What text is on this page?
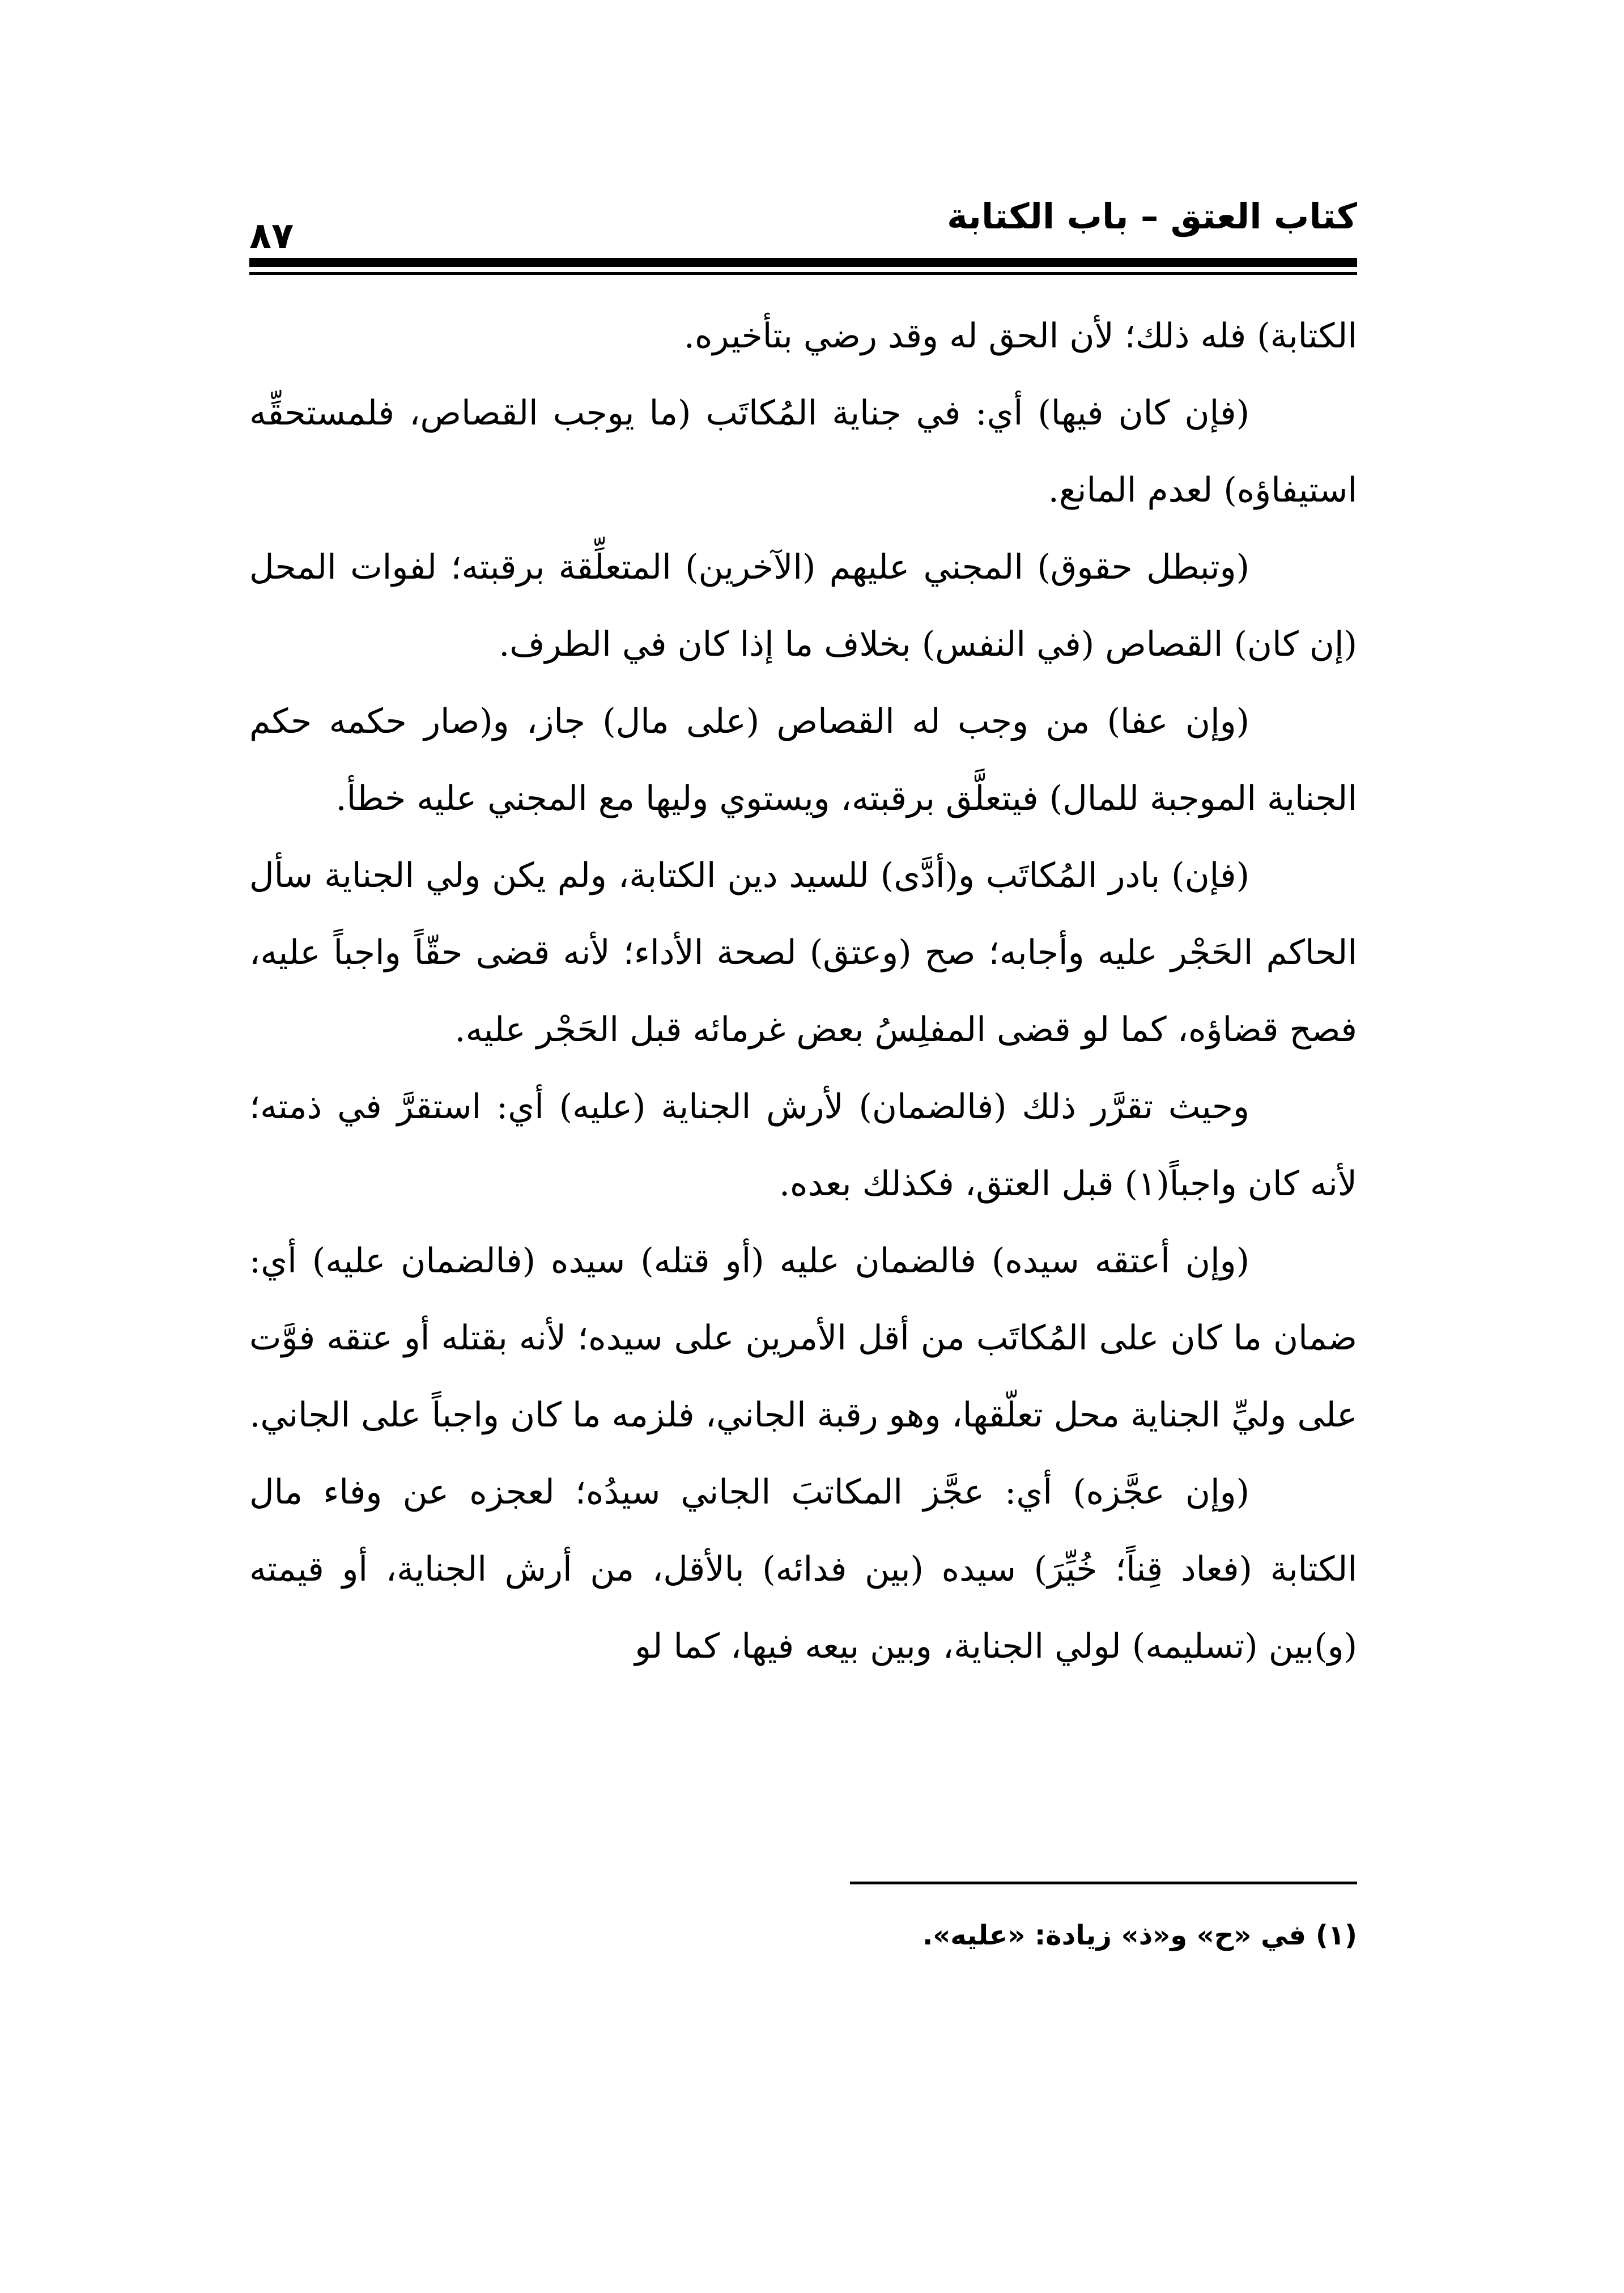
كتاب العتق – باب الكتابة
٨٧

الكتابة) فله ذلك؛ لأن الحق له وقد رضي بتأخيره.

(فإن كان فيها) أي: في جناية المُكاتَب (ما يوجب القصاص، فلمستحقِّه استيفاؤه) لعدم المانع.

(وتبطل حقوق) المجني عليهم (الآخرين) المتعلِّقة برقبته؛ لفوات المحل (إن كان) القصاص (في النفس) بخلاف ما إذا كان في الطرف.

(وإن عفا) من وجب له القصاص (على مال) جاز، و(صار حكمه حكم الجناية الموجبة للمال) فيتعلَّق برقبته، ويستوي وليها مع المجني عليه خطأ.

(فإن) بادر المُكاتَب و(أدَّى) للسيد دين الكتابة، ولم يكن ولي الجناية سأل الحاكم الحَجْر عليه وأجابه؛ صح (وعتق) لصحة الأداء؛ لأنه قضى حقّاً واجباً عليه، فصح قضاؤه، كما لو قضى المفلِسُ بعض غرمائه قبل الحَجْر عليه.

وحيث تقرَّر ذلك (فالضمان) لأرش الجناية (عليه) أي: استقرَّ في ذمته؛ لأنه كان واجباً(١) قبل العتق، فكذلك بعده.

(وإن أعتقه سيده) فالضمان عليه (أو قتله) سيده (فالضمان عليه) أي: ضمان ما كان على المُكاتَب من أقل الأمرين على سيده؛ لأنه بقتله أو عتقه فوَّت على وليِّ الجناية محل تعلّقها، وهو رقبة الجاني، فلزمه ما كان واجباً على الجاني.

(وإن عجَّزه) أي: عجَّز المكاتبَ الجاني سيدُه؛ لعجزه عن وفاء مال الكتابة (فعاد قِناً؛ خُيِّرَ) سيده (بين فدائه) بالأقل، من أرش الجناية، أو قيمته (و)بين (تسليمه) لولي الجناية، وبين بيعه فيها، كما لو

(١) في «ح» و«ذ» زيادة: «عليه».
